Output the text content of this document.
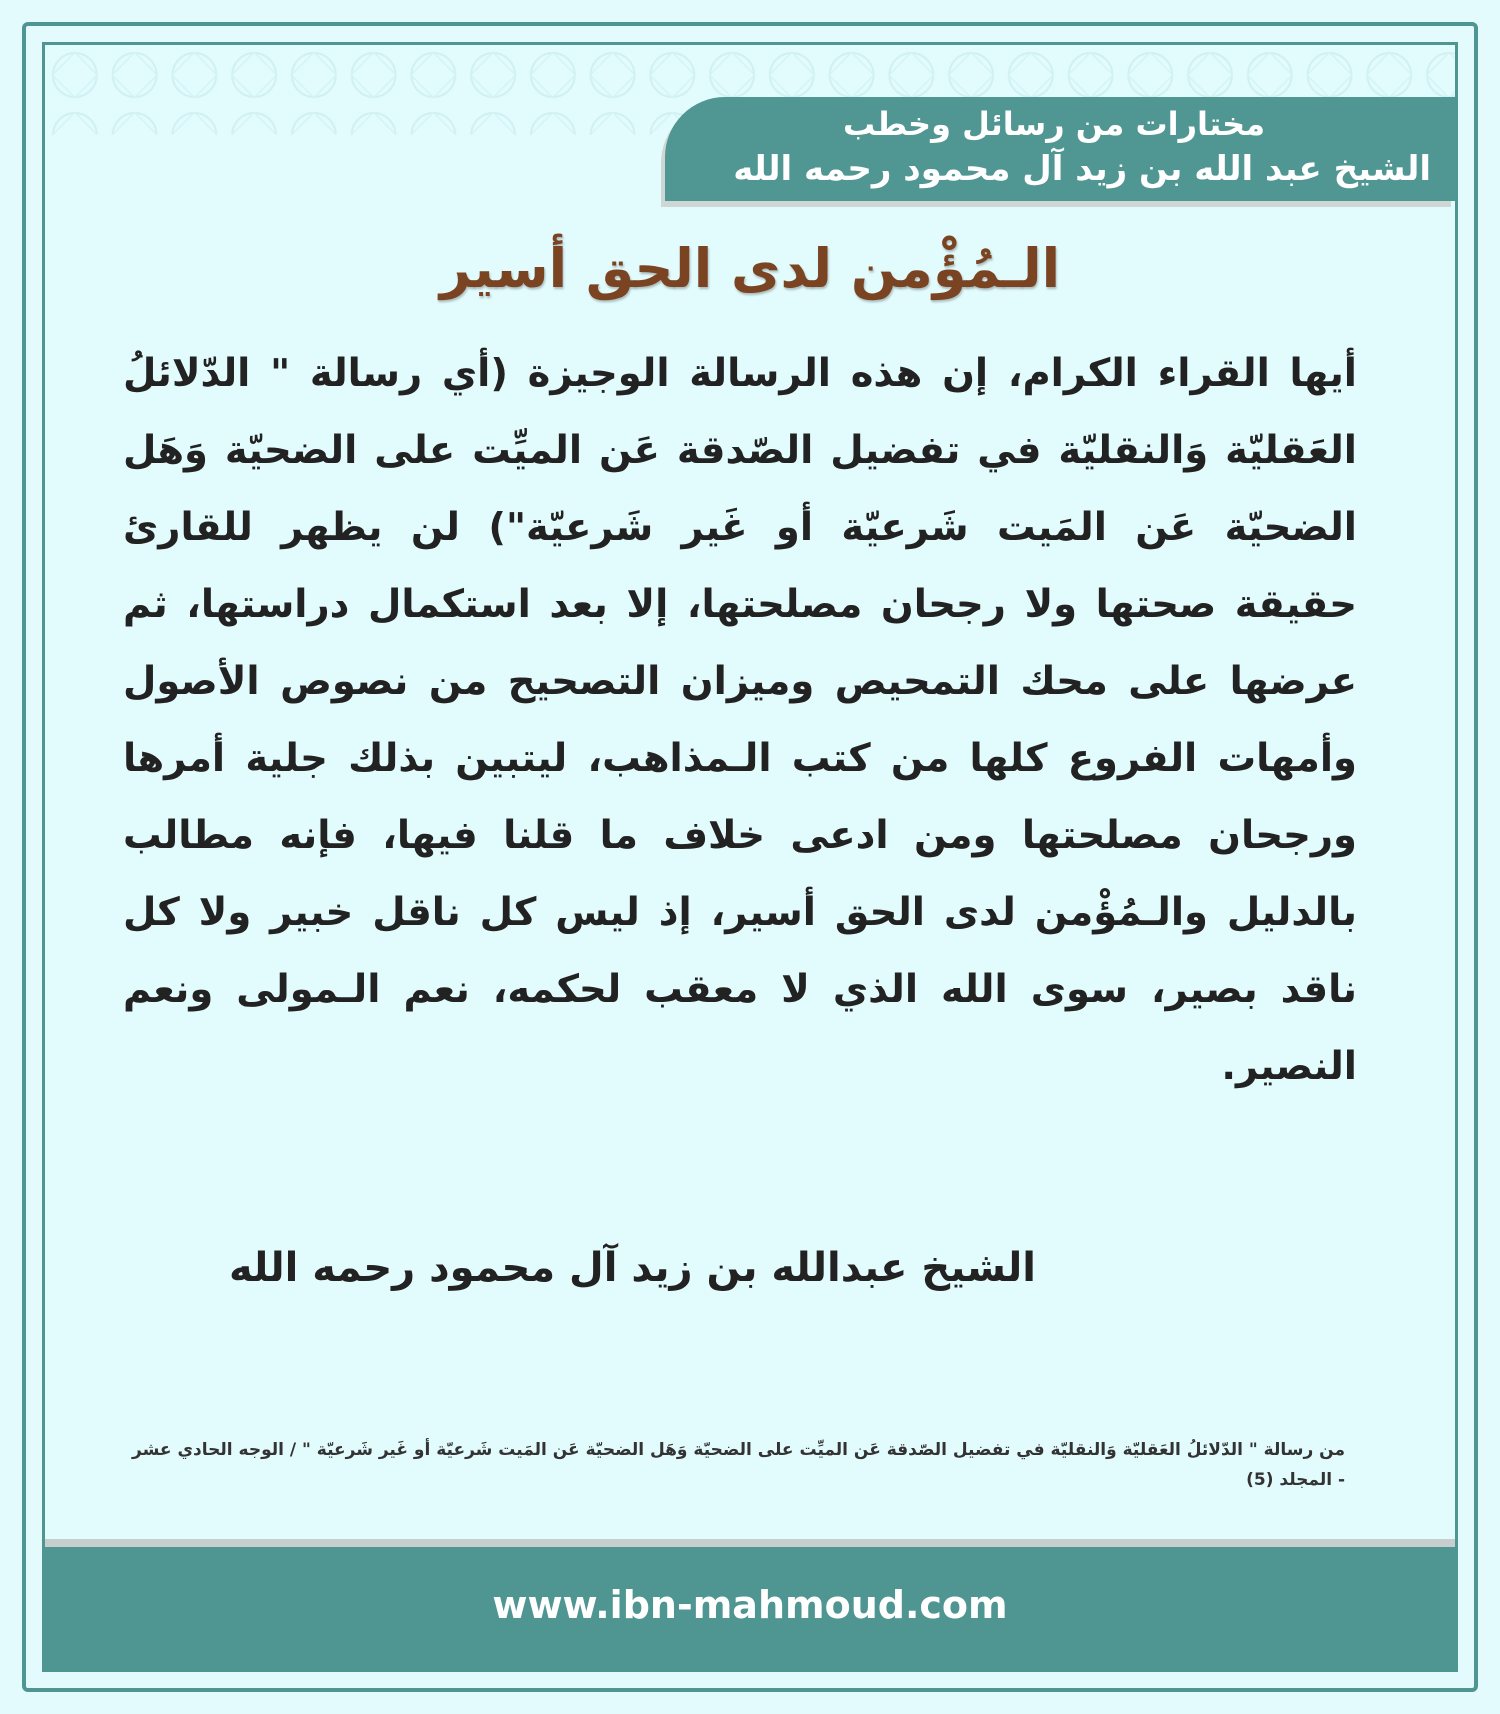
مختارات من رسائل وخطب
الشيخ عبد الله بن زيد آل محمود رحمه الله
الـمُؤْمن لدى الحق أسير
أيها القراء الكرام، إن هذه الرسالة الوجيزة (أي رسالة " الدّلائلُ العَقليّة وَالنقليّة في تفضيل الصّدقة عَن الميِّت على الضحيّة وَهَل الضحيّة عَن المَيت شَرعيّة أو غَير شَرعيّة") لن يظهر للقارئ حقيقة صحتها ولا رجحان مصلحتها، إلا بعد استكمال دراستها، ثم عرضها على محك التمحيص وميزان التصحيح من نصوص الأصول وأمهات الفروع كلها من كتب الـمذاهب، ليتبين بذلك جلية أمرها ورجحان مصلحتها ومن ادعى خلاف ما قلنا فيها، فإنه مطالب بالدليل والـمُؤْمن لدى الحق أسير، إذ ليس كل ناقل خبير ولا كل ناقد بصير، سوى الله الذي لا معقب لحكمه، نعم الـمولى ونعم النصير.
الشيخ عبدالله بن زيد آل محمود رحمه الله
من رسالة " الدّلائلُ العَقليّة وَالنقليّة في تفضيل الصّدقة عَن الميِّت على الضحيّة وَهَل الضحيّة عَن المَيت شَرعيّة أو غَير شَرعيّة " / الوجه الحادي عشر - المجلد (5)
www.ibn-mahmoud.com
